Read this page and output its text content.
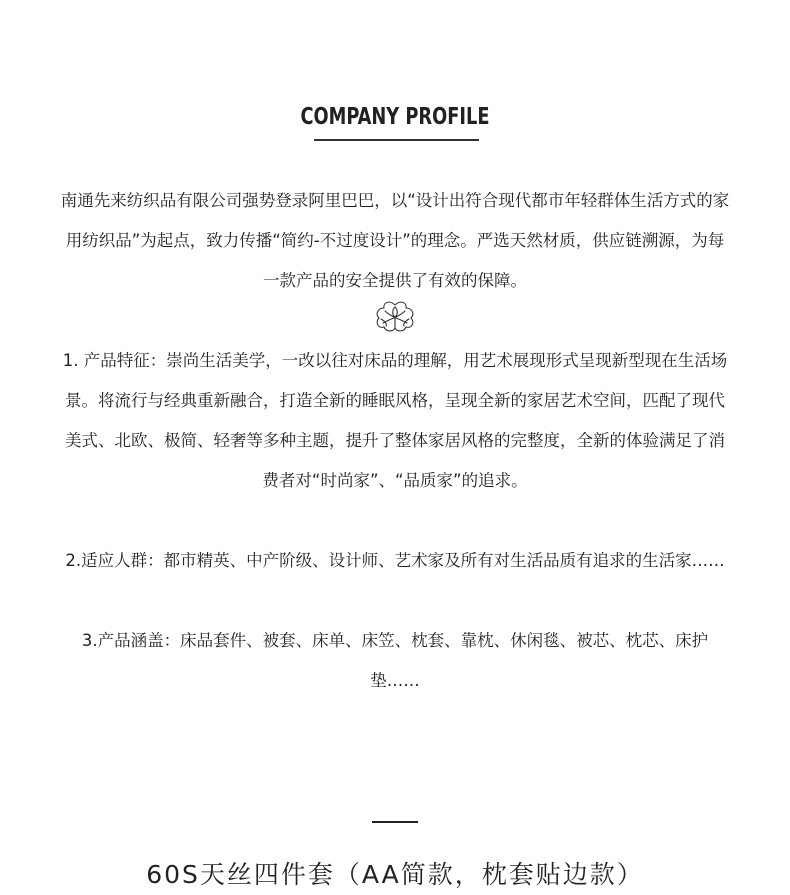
COMPANY PROFILE
南通先来纺织品有限公司强势登录阿里巴巴，以“设计出符合现代都市年轻群体生活方式的家用纺织品”为起点，致力传播“简约-不过度设计”的理念。严选天然材质，供应链溯源，为每一款产品的安全提供了有效的保障。
1. 产品特征：崇尚生活美学，一改以往对床品的理解，用艺术展现形式呈现新型现在生活场景。将流行与经典重新融合，打造全新的睡眠风格，呈现全新的家居艺术空间，匹配了现代美式、北欧、极简、轻奢等多种主题，提升了整体家居风格的完整度，全新的体验满足了消费者对“时尚家”、“品质家”的追求。
2.适应人群：都市精英、中产阶级、设计师、艺术家及所有对生活品质有追求的生活家……
3.产品涵盖：床品套件、被套、床单、床笠、枕套、靠枕、休闲毯、被芯、枕芯、床护垫……
60S天丝四件套（AA简款，枕套贴边款）
